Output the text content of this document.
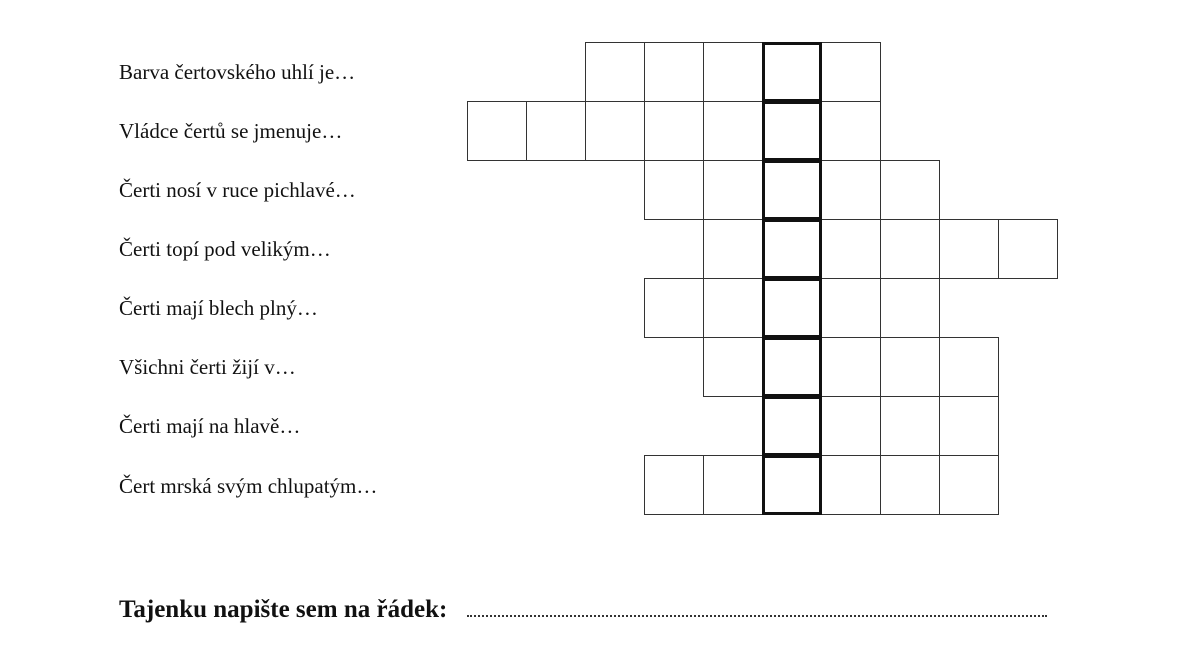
Barva čertovského uhlí je…
Vládce čertů se jmenuje…
Čerti nosí v ruce pichlavé…
Čerti topí pod velikým…
Čerti mají blech plný…
Všichni čerti žijí v…
Čerti mají na hlavě…
Čert mrská svým chlupatým…
Tajenku napište sem na řádek:
